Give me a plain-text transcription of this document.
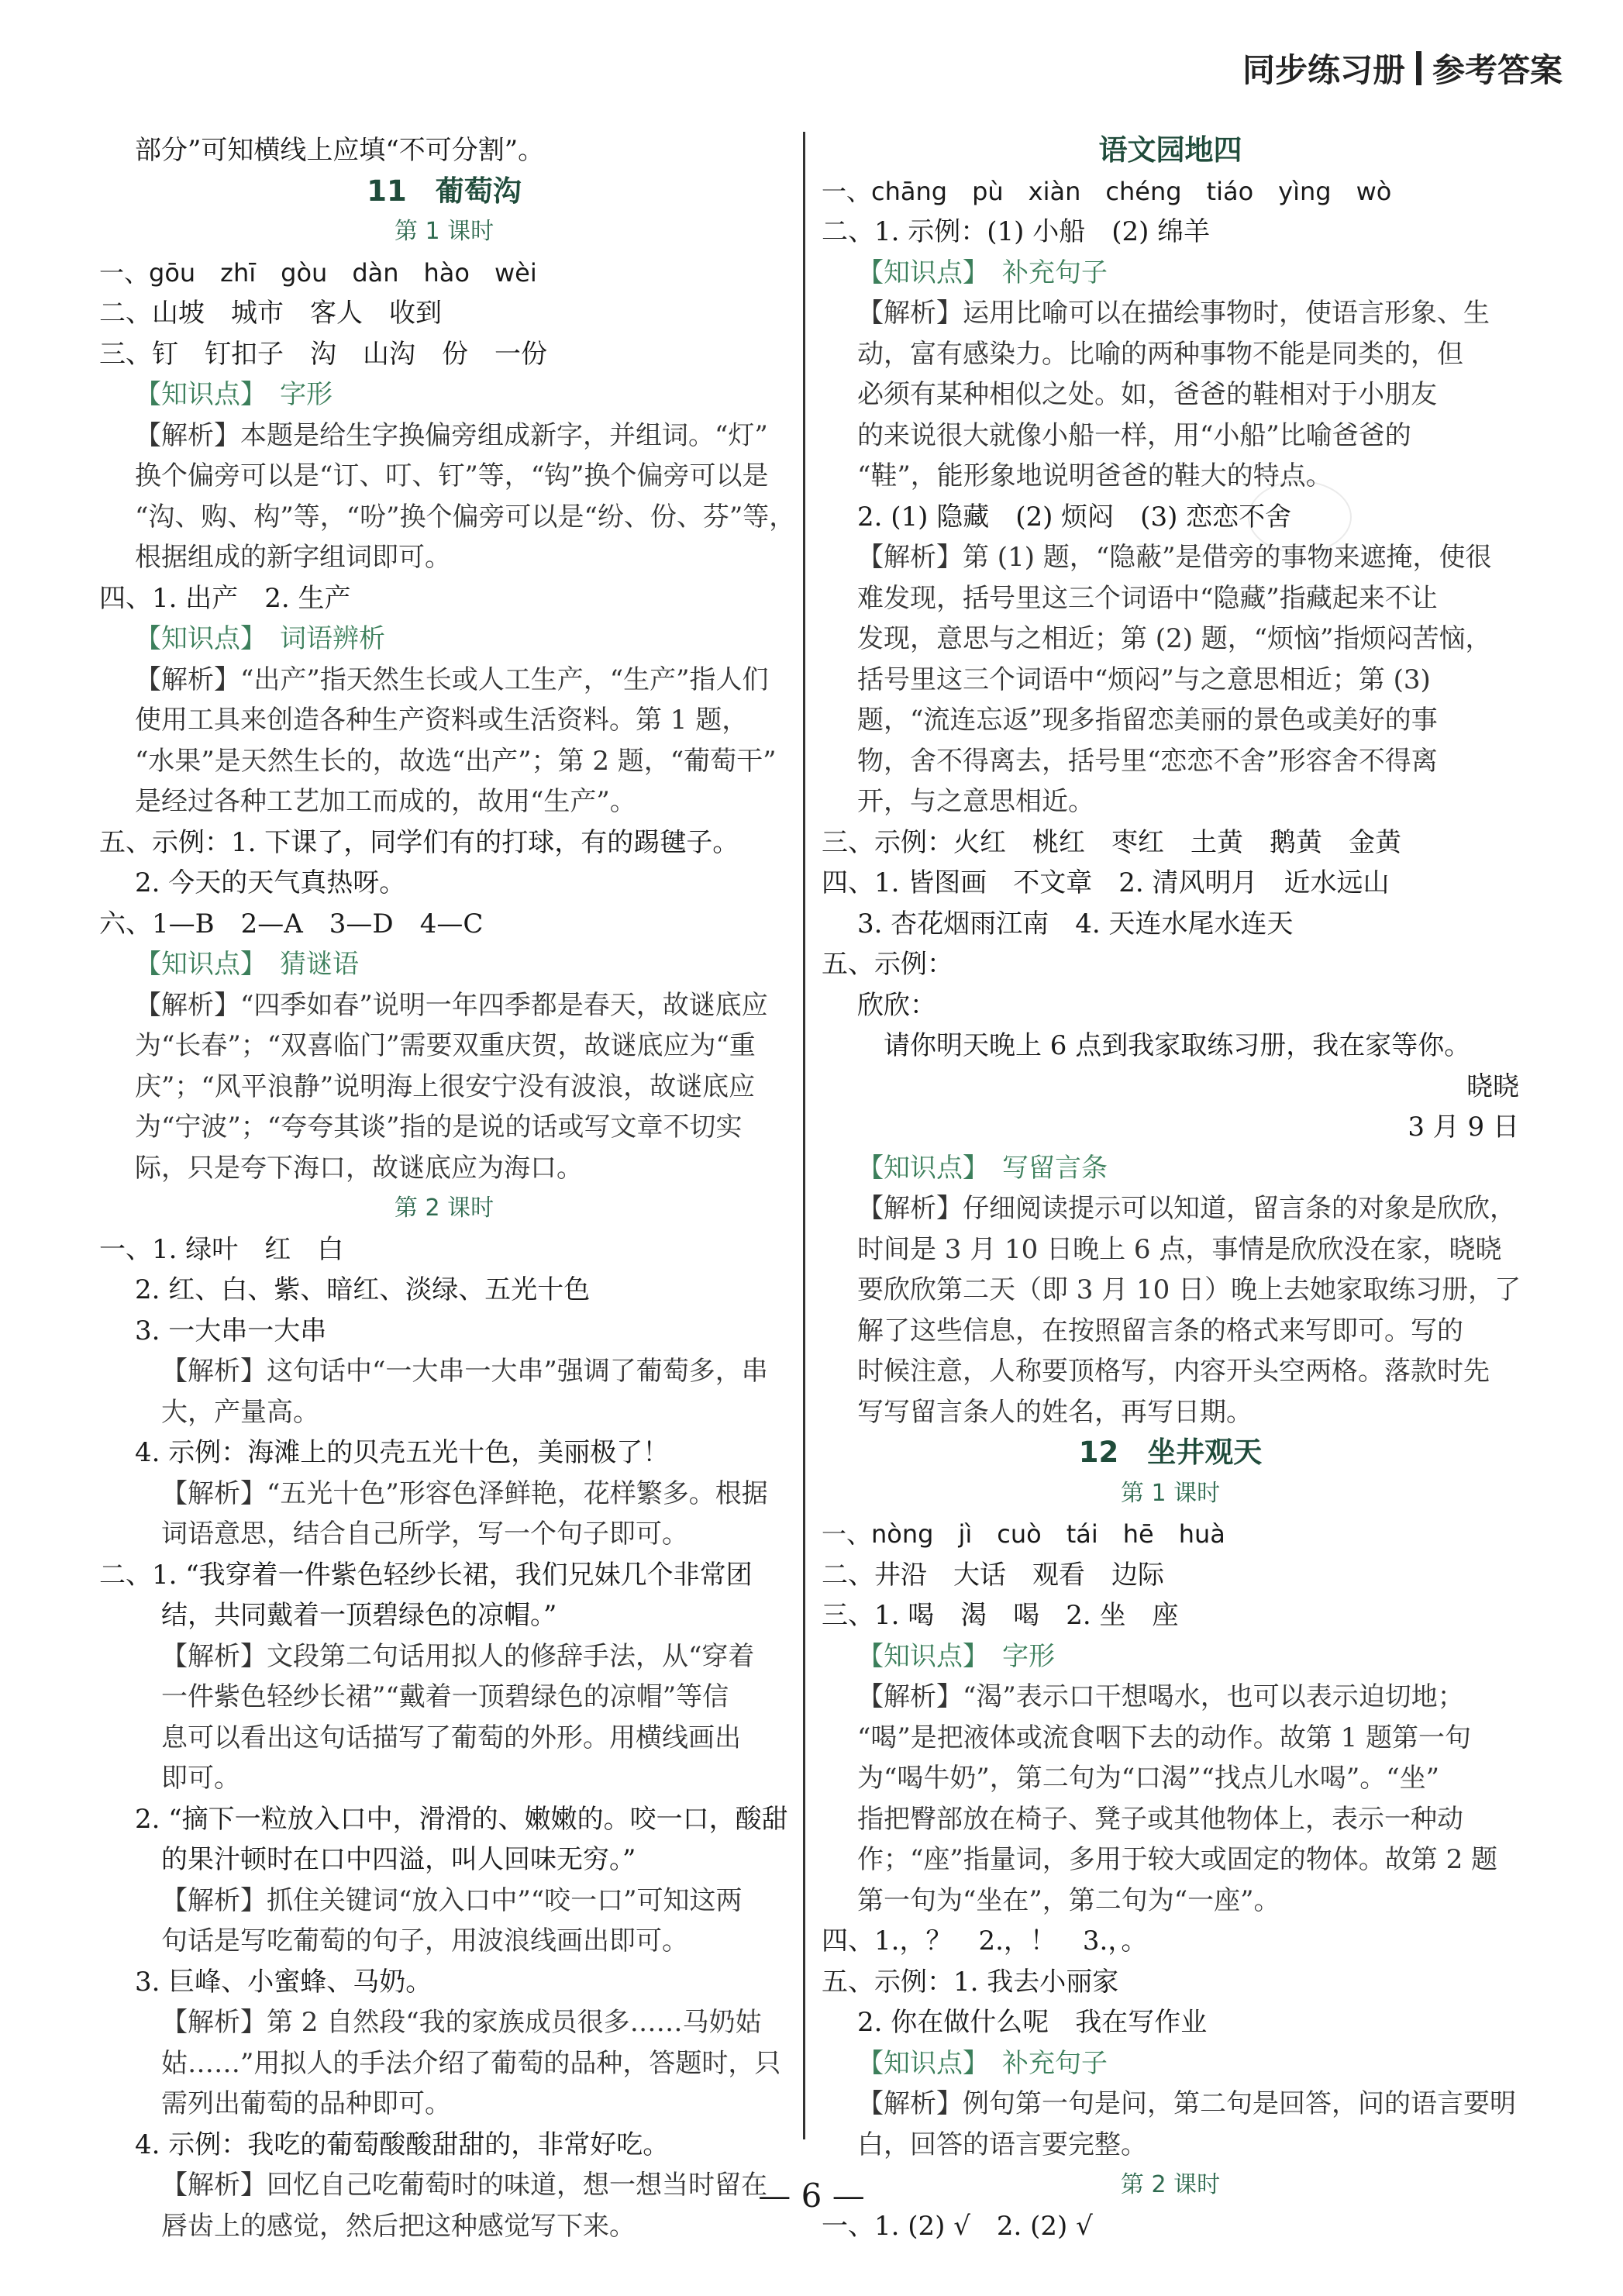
同步练习册 参考答案
部分”可知横线上应填“不可分割”。
11　葡萄沟
第 1 课时
一、gōu　zhī　gòu　dàn　hào　wèi
二、山坡　城市　客人　收到
三、钉　钉扣子　沟　山沟　份　一份
【知识点】　字形
【解析】本题是给生字换偏旁组成新字，并组词。“灯”
换个偏旁可以是“订、叮、钉”等，“钩”换个偏旁可以是
“沟、购、构”等，“吩”换个偏旁可以是“纷、份、芬”等，
根据组成的新字组词即可。
四、1. 出产　2. 生产
【知识点】　词语辨析
【解析】“出产”指天然生长或人工生产，“生产”指人们
使用工具来创造各种生产资料或生活资料。第 1 题，
“水果”是天然生长的，故选“出产”；第 2 题，“葡萄干”
是经过各种工艺加工而成的，故用“生产”。
五、示例：1. 下课了，同学们有的打球，有的踢毽子。
2. 今天的天气真热呀。
六、1—B　2—A　3—D　4—C
【知识点】　猜谜语
【解析】“四季如春”说明一年四季都是春天，故谜底应
为“长春”；“双喜临门”需要双重庆贺，故谜底应为“重
庆”；“风平浪静”说明海上很安宁没有波浪，故谜底应
为“宁波”；“夸夸其谈”指的是说的话或写文章不切实
际，只是夸下海口，故谜底应为海口。
第 2 课时
一、1. 绿叶　红　白
2. 红、白、紫、暗红、淡绿、五光十色
3. 一大串一大串
【解析】这句话中“一大串一大串”强调了葡萄多，串
大，产量高。
4. 示例：海滩上的贝壳五光十色，美丽极了！
【解析】“五光十色”形容色泽鲜艳，花样繁多。根据
词语意思，结合自己所学，写一个句子即可。
二、1. “我穿着一件紫色轻纱长裙，我们兄妹几个非常团
结，共同戴着一顶碧绿色的凉帽。”
【解析】文段第二句话用拟人的修辞手法，从“穿着
一件紫色轻纱长裙”“戴着一顶碧绿色的凉帽”等信
息可以看出这句话描写了葡萄的外形。用横线画出
即可。
2. “摘下一粒放入口中，滑滑的、嫩嫩的。咬一口，酸甜
的果汁顿时在口中四溢，叫人回味无穷。”
【解析】抓住关键词“放入口中”“咬一口”可知这两
句话是写吃葡萄的句子，用波浪线画出即可。
3. 巨峰、小蜜蜂、马奶。
【解析】第 2 自然段“我的家族成员很多……马奶姑
姑……”用拟人的手法介绍了葡萄的品种，答题时，只
需列出葡萄的品种即可。
4. 示例：我吃的葡萄酸酸甜甜的，非常好吃。
【解析】回忆自己吃葡萄时的味道，想一想当时留在
唇齿上的感觉，然后把这种感觉写下来。
语文园地四
一、chāng　pù　xiàn　chéng　tiáo　yìng　wò
二、1. 示例：(1) 小船　(2) 绵羊
【知识点】　补充句子
【解析】运用比喻可以在描绘事物时，使语言形象、生
动，富有感染力。比喻的两种事物不能是同类的，但
必须有某种相似之处。如，爸爸的鞋相对于小朋友
的来说很大就像小船一样，用“小船”比喻爸爸的
“鞋”，能形象地说明爸爸的鞋大的特点。
2. (1) 隐藏　(2) 烦闷　(3) 恋恋不舍
【解析】第 (1) 题，“隐蔽”是借旁的事物来遮掩，使很
难发现，括号里这三个词语中“隐藏”指藏起来不让
发现，意思与之相近；第 (2) 题，“烦恼”指烦闷苦恼，
括号里这三个词语中“烦闷”与之意思相近；第 (3)
题，“流连忘返”现多指留恋美丽的景色或美好的事
物，舍不得离去，括号里“恋恋不舍”形容舍不得离
开，与之意思相近。
三、示例：火红　桃红　枣红　土黄　鹅黄　金黄
四、1. 皆图画　不文章　2. 清风明月　近水远山
3. 杏花烟雨江南　4. 天连水尾水连天
五、示例：
欣欣：
请你明天晚上 6 点到我家取练习册，我在家等你。
晓晓
3 月 9 日
【知识点】　写留言条
【解析】仔细阅读提示可以知道，留言条的对象是欣欣，
时间是 3 月 10 日晚上 6 点，事情是欣欣没在家，晓晓
要欣欣第二天（即 3 月 10 日）晚上去她家取练习册，了
解了这些信息，在按照留言条的格式来写即可。写的
时候注意，人称要顶格写，内容开头空两格。落款时先
写写留言条人的姓名，再写日期。
12　坐井观天
第 1 课时
一、nòng　jì　cuò　tái　hē　huà
二、井沿　大话　观看　边际
三、1. 喝　渴　喝　2. 坐　座
【知识点】　字形
【解析】“渴”表示口干想喝水，也可以表示迫切地；
“喝”是把液体或流食咽下去的动作。故第 1 题第一句
为“喝牛奶”，第二句为“口渴”“找点儿水喝”。“坐”
指把臀部放在椅子、凳子或其他物体上，表示一种动
作；“座”指量词，多用于较大或固定的物体。故第 2 题
第一句为“坐在”，第二句为“一座”。
四、1.，？　2.，！　3.，。
五、示例：1. 我去小丽家
2. 你在做什么呢　我在写作业
【知识点】　补充句子
【解析】例句第一句是问，第二句是回答，问的语言要明
白，回答的语言要完整。
第 2 课时
一、1. (2) √　2. (2) √
— 6 —
